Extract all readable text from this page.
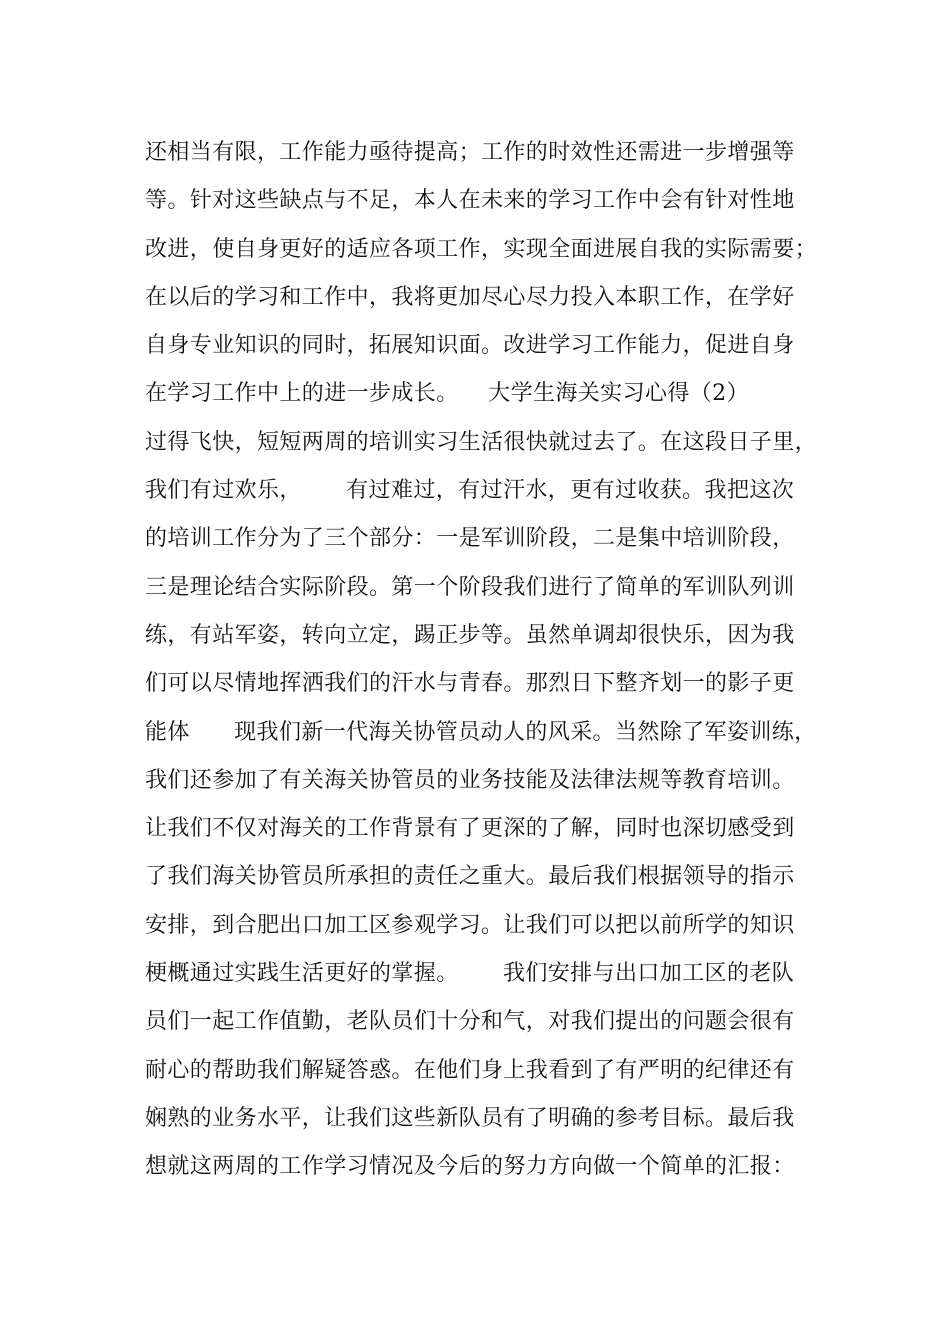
还相当有限，工作能力亟待提高；工作的时效性还需进一步增强等
等。针对这些缺点与不足，本人在未来的学习工作中会有针对性地
改进，使自身更好的适应各项工作，实现全面进展自我的实际需要；
在以后的学习和工作中，我将更加尽心尽力投入本职工作，在学好
自身专业知识的同时，拓展知识面。改进学习工作能力，促进自身
在学习工作中上的进一步成长。    大学生海关实习心得（2）
过得飞快，短短两周的培训实习生活很快就过去了。在这段日子里，
我们有过欢乐，      有过难过，有过汗水，更有过收获。我把这次
的培训工作分为了三个部分：一是军训阶段，二是集中培训阶段，
三是理论结合实际阶段。第一个阶段我们进行了简单的军训队列训
练，有站军姿，转向立定，踢正步等。虽然单调却很快乐，因为我
们可以尽情地挥洒我们的汗水与青春。那烈日下整齐划一的影子更
能体      现我们新一代海关协管员动人的风采。当然除了军姿训练，
我们还参加了有关海关协管员的业务技能及法律法规等教育培训。
让我们不仅对海关的工作背景有了更深的了解，同时也深切感受到
了我们海关协管员所承担的责任之重大。最后我们根据领导的指示
安排，到合肥出口加工区参观学习。让我们可以把以前所学的知识
梗概通过实践生活更好的掌握。      我们安排与出口加工区的老队
员们一起工作值勤，老队员们十分和气，对我们提出的问题会很有
耐心的帮助我们解疑答惑。在他们身上我看到了有严明的纪律还有
娴熟的业务水平，让我们这些新队员有了明确的参考目标。最后我
想就这两周的工作学习情况及今后的努力方向做一个简单的汇报：
